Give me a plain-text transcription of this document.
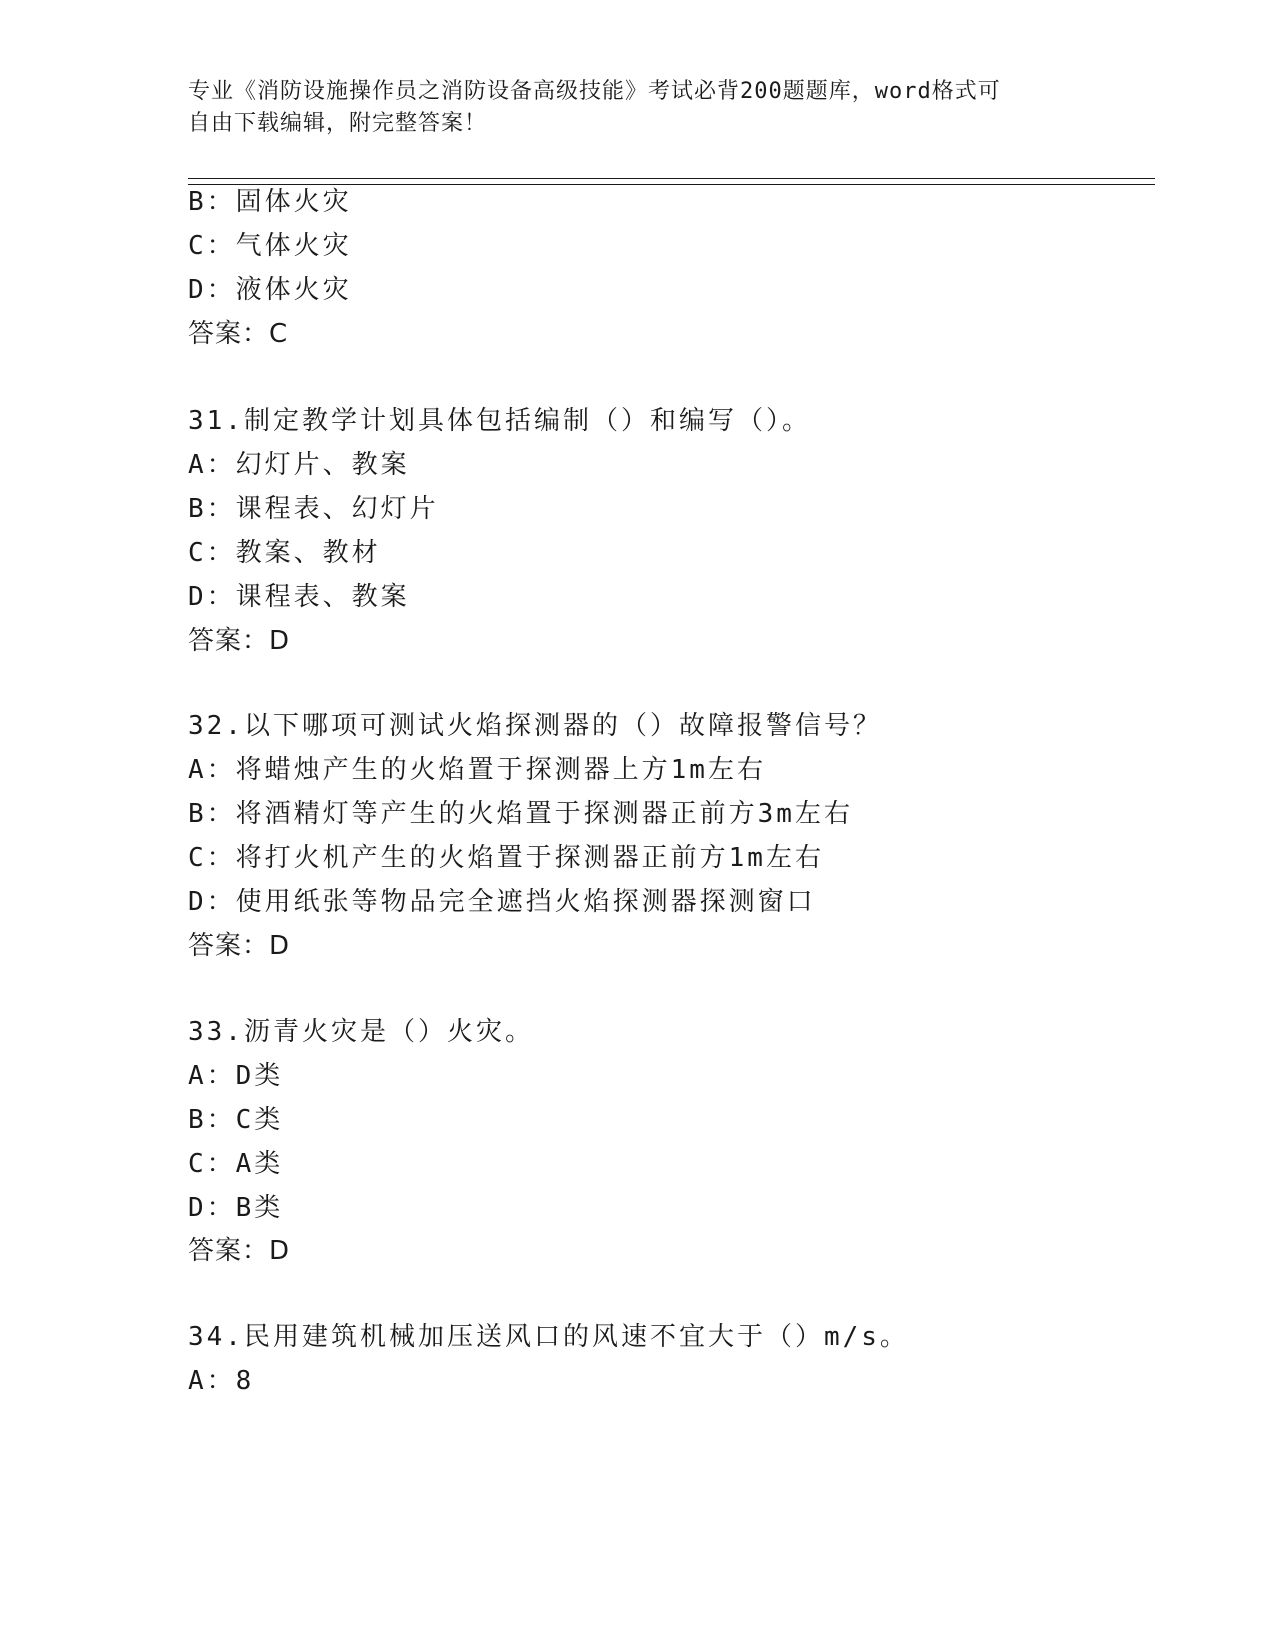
专业《消防设施操作员之消防设备高级技能》考试必背200题题库，word格式可
自由下载编辑，附完整答案！
B：固体火灾
C：气体火灾
D：液体火灾
答案：C
31.制定教学计划具体包括编制（）和编写（）。
A：幻灯片、教案
B：课程表、幻灯片
C：教案、教材
D：课程表、教案
答案：D
32.以下哪项可测试火焰探测器的（）故障报警信号？
A：将蜡烛产生的火焰置于探测器上方1m左右
B：将酒精灯等产生的火焰置于探测器正前方3m左右
C：将打火机产生的火焰置于探测器正前方1m左右
D：使用纸张等物品完全遮挡火焰探测器探测窗口
答案：D
33.沥青火灾是（）火灾。
A：D类
B：C类
C：A类
D：B类
答案：D
34.民用建筑机械加压送风口的风速不宜大于（）m/s。
A：8
